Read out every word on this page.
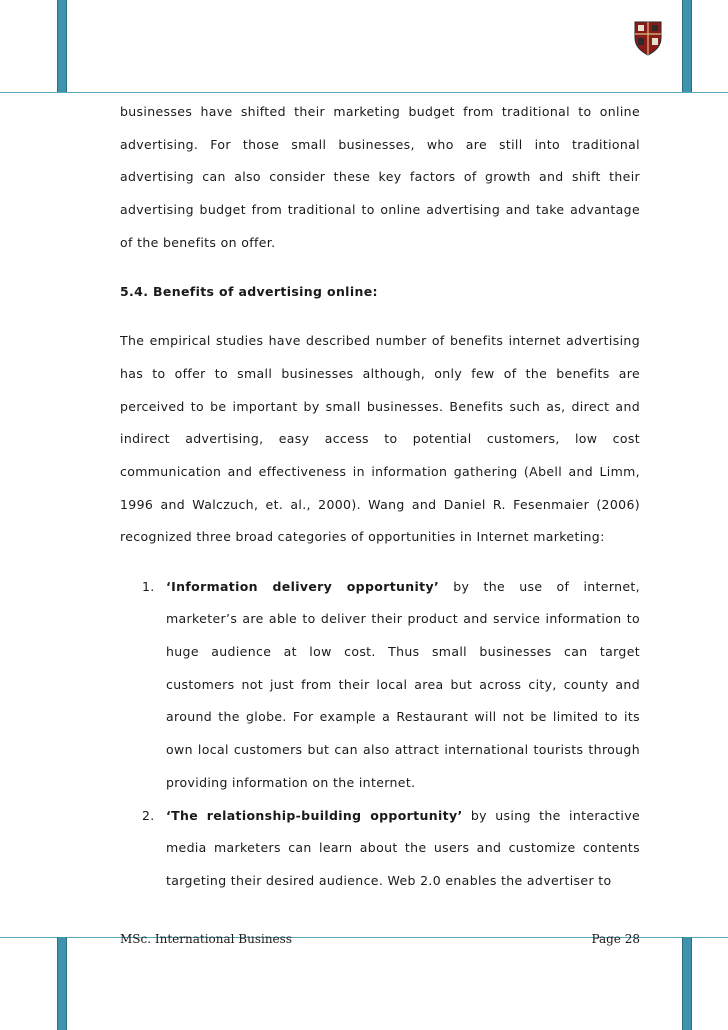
businesses have shifted their marketing budget from traditional to online advertising. For those small businesses, who are still into traditional advertising can also consider these key factors of growth and shift their advertising budget from traditional to online advertising and take advantage of the benefits on offer.

5.4. Benefits of advertising online:

The empirical studies have described number of benefits internet advertising has to offer to small businesses although, only few of the benefits are perceived to be important by small businesses. Benefits such as, direct and indirect advertising, easy access to potential customers, low cost communication and effectiveness in information gathering (Abell and Limm, 1996 and Walczuch, et. al., 2000). Wang and Daniel R. Fesenmaier (2006) recognized three broad categories of opportunities in Internet marketing:

1. ‘Information delivery opportunity’ by the use of internet, marketer’s are able to deliver their product and service information to huge audience at low cost. Thus small businesses can target customers not just from their local area but across city, county and around the globe. For example a Restaurant will not be limited to its own local customers but can also attract international tourists through providing information on the internet.
2. ‘The relationship-building opportunity’ by using the interactive media marketers can learn about the users and customize contents targeting their desired audience. Web 2.0 enables the advertiser to
MSc. International Business	Page 28
